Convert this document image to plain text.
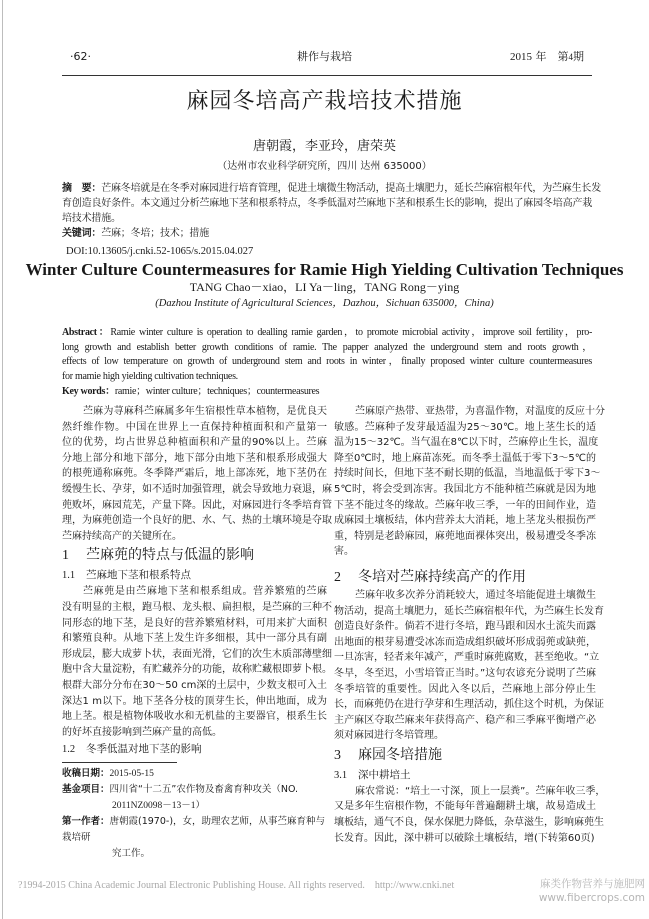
·62·	耕作与栽培	2015 年　 第4期
麻园冬培高产栽培技术措施
唐朝霞，李亚玲，唐荣英
（达州市农业科学研究所，四川 达州 635000）
摘　要：芒麻冬培就是在冬季对麻园进行培育管理，促进土壤微生物活动，提高土壤肥力，延长苎麻宿根年代，为苎麻生长发
育创造良好条件。本文通过分析苎麻地下茎和根系特点，冬季低温对苎麻地下茎和根系生长的影响，提出了麻园冬培高产栽
培技术措施。
关键词：苎麻；冬培；技术；措施
DOI:10.13605/j.cnki.52-1065/s.2015.04.027
Winter Culture Countermeasures for Ramie High Yielding Cultivation Techniques
TANG Chao－xiao，LI Ya－ling，TANG Rong－ying
(Dazhou Institute of Agricultural Sciences，Dazhou，Sichuan 635000，China)
Abstract：Ramie winter culture is operation to dealling ramie garden，to promote microbial activity，improve soil fertility，pro-
long growth and establish better growth conditions of ramie. The papper analyzed the underground stem and roots growth，
effects of low temperature on growth of underground stem and roots in winter，finally proposed winter culture countermeasures
for mamie high yielding cultivation techniques.
Key words：ramie；winter culture；techniques；countermeasures
苎麻为荨麻科苎麻属多年生宿根性草本植物，是优良天
然纤维作物。中国在世界上一直保持种植面积和产量第一
位的优势，均占世界总种植面积和产量的90%以上。苎麻
分地上部分和地下部分，地下部分由地下茎和根系形成强大
的根蔸通称麻蔸。冬季降严霜后，地上部冻死，地下茎仍在
缓慢生长、孕芽，如不适时加强管理，就会导致地力衰退，麻
蔸败坏，麻园荒芜，产量下降。因此，对麻园进行冬季培育管
理，为麻蔸创造一个良好的肥、水、气、热的土壤环境是夺取
苎麻持续高产的关键所在。
1 苎麻蔸的特点与低温的影响
1.1 苎麻地下茎和根系特点
苎麻蔸是由苎麻地下茎和根系组成。营养繁殖的苎麻
没有明显的主根，跑马根、龙头根、扁担根，是苎麻的三种不
同形态的地下茎，是良好的营养繁殖材料，可用来扩大面积
和繁殖良种。从地下茎上发生许多细根，其中一部分具有副
形成层，膨大成萝卜状，表面光滑，它们的次生木质部薄壁细
胞中含大量淀粉，有贮藏养分的功能，故称贮藏根即萝卜根。
根群大部分分布在30～50 cm深的土层中，少数支根可入土
深达1 m以下。地下茎各分枝的顶芽生长，伸出地面，成为
地上茎。根是植物体吸收水和无机盐的主要器官，根系生长
的好坏直接影响到苎麻产量的高低。
1.2 冬季低温对地下茎的影响
收稿日期：2015-05-15
基金项目：四川省“十二五”农作物及畜禽育种攻关（NO.
2011NZ0098－13－1）
第一作者：唐朝霞(1970-)，女，助理农艺师，从事苎麻育种与栽培研
究工作。
苎麻原产热带、亚热带，为喜温作物，对温度的反应十分
敏感。苎麻种子发芽最适温为25～30℃。地上茎生长的适
温为15～32℃。当气温在8℃以下时，苎麻停止生长，温度
降至0℃时，地上麻苗冻死。而冬季土温低于零下3～5℃的
持续时间长，但地下茎不耐长期的低温，当地温低于零下3～
5℃时，将会受到冻害。我国北方不能种植苎麻就是因为地
下茎不能过冬的缘故。苎麻年收三季，一年的田间作业，造
成麻园土壤板结，体内营养太大消耗，地上茎龙头根损伤严
重，特别是老龄麻园，麻蔸地面裸体突出，极易遭受冬季冻
害。
2 冬培对苎麻持续高产的作用
苎麻年收多次养分消耗较大，通过冬培能促进土壤微生
物活动，提高土壤肥力，延长苎麻宿根年代，为苎麻生长发育
创造良好条件。倘若不进行冬培，跑马跟和因水土流失而露
出地面的根芽易遭受冰冻而造成组织破坏形成弱蔸或缺蔸，
一旦冻害，轻者来年减产，严重时麻蔸腐败，甚至绝收。“立
冬早，冬至迟，小雪培管正当时。”这句农谚充分说明了苎麻
冬季培管的重要性。因此入冬以后，苎麻地上部分停止生
长，而麻蔸仍在进行孕芽和生理活动，抓住这个时机，为保证
主产麻区夺取苎麻来年获得高产、稳产和三季麻平衡增产必
须对麻园进行冬培管理。
3 麻园冬培措施
3.1 深中耕培土
麻农常说：“培土一寸深，顶上一层粪”。苎麻年收三季，
又是多年生宿根作物，不能每年普遍翻耕土壤，故易造成土
壤板结，通气不良，保水保肥力降低，杂草滋生，影响麻蔸生
长发育。因此，深中耕可以破除土壤板结，增(下转第60页)
?1994-2015 China Academic Journal Electronic Publishing House. All rights reserved.　http://www.cnki.net	麻类作物营养与施肥网
www.fibercrops.com
